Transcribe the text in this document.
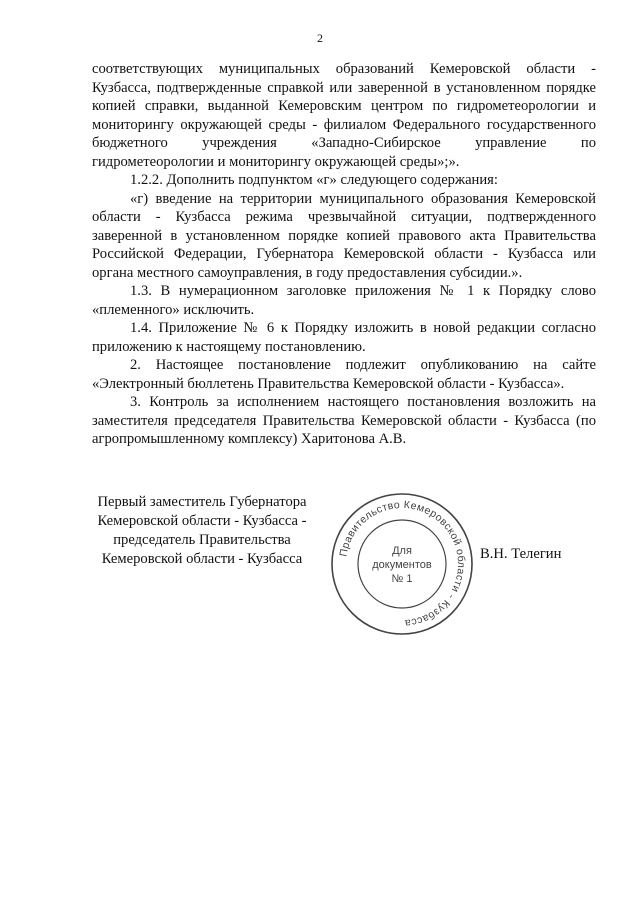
2

соответствующих муниципальных образований Кемеровской области - Кузбасса, подтвержденные справкой или заверенной в установленном порядке копией справки, выданной Кемеровским центром по гидрометеорологии и мониторингу окружающей среды - филиалом Федерального государственного бюджетного учреждения «Западно-Сибирское управление по гидрометеорологии и мониторингу окружающей среды»;».

1.2.2. Дополнить подпунктом «г» следующего содержания:

«г) введение на территории муниципального образования Кемеровской области - Кузбасса режима чрезвычайной ситуации, подтвержденного заверенной в установленном порядке копией правового акта Правительства Российской Федерации, Губернатора Кемеровской области - Кузбасса или органа местного самоуправления, в году предоставления субсидии.».

1.3. В нумерационном заголовке приложения № 1 к Порядку слово «племенного» исключить.

1.4. Приложение № 6 к Порядку изложить в новой редакции согласно приложению к настоящему постановлению.

2. Настоящее постановление подлежит опубликованию на сайте «Электронный бюллетень Правительства Кемеровской области - Кузбасса».

3. Контроль за исполнением настоящего постановления возложить на заместителя председателя Правительства Кемеровской области - Кузбасса (по агропромышленному комплексу) Харитонова А.В.

Первый заместитель Губернатора
Кемеровской области - Кузбасса -
председатель Правительства
Кемеровской области - Кузбасса	Правительство Кемеровской области - Кузбасса
Для
документов
№ 1
В.Н. Телегин
